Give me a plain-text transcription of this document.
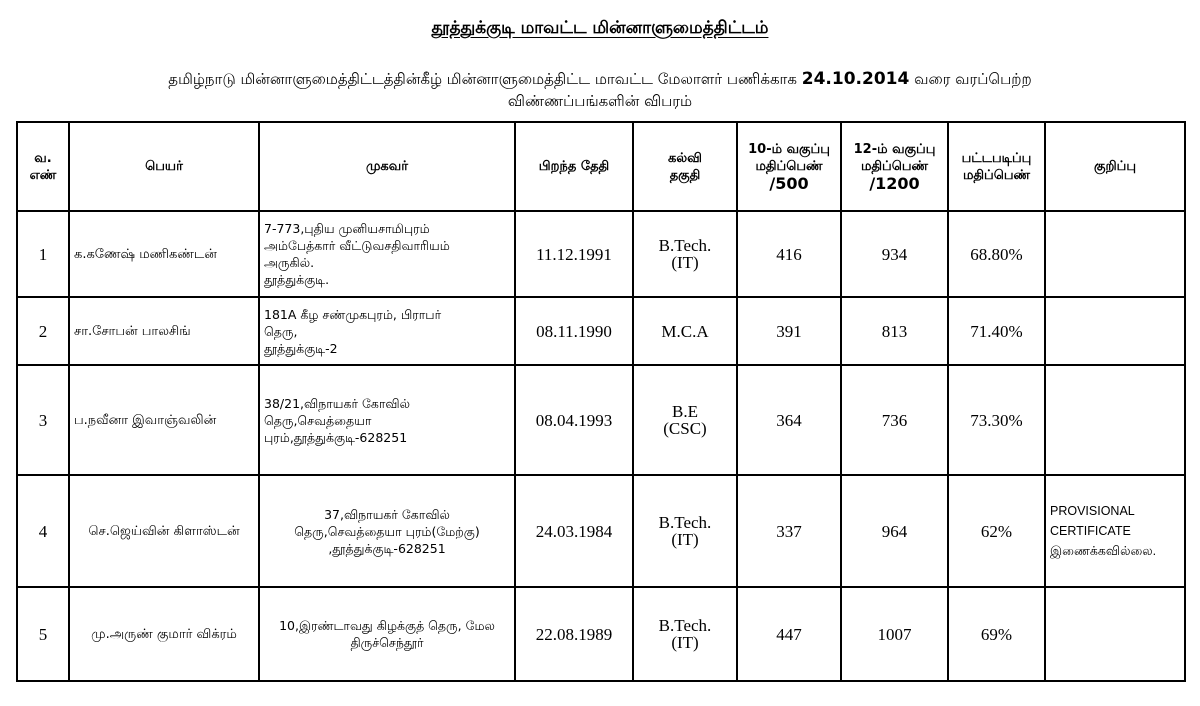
தூத்துக்குடி மாவட்ட மின்னாளுமைத்திட்டம்
தமிழ்நாடு மின்னாளுமைத்திட்டத்தின்கீழ் மின்னாளுமைத்திட்ட மாவட்ட மேலாளர் பணிக்காக 24.10.2014 வரை வரப்பெற்ற
விண்ணப்பங்களின் விபரம்
வ.
எண்	பெயர்	முகவர்	பிறந்த தேதி	கல்வி
தகுதி	10-ம் வகுப்பு
மதிப்பெண்
/500	12-ம் வகுப்பு
மதிப்பெண்
/1200	பட்டபடிப்பு
மதிப்பெண்	குறிப்பு
1	க.கணேஷ் மணிகண்டன்	7-773,புதிய முனியசாமிபுரம்
அம்பேத்கார் வீட்டுவசதிவாரியம்
அருகில்.
தூத்துக்குடி.	11.12.1991	B.Tech.
(IT)	416	934	68.80%	
2	சா.சோபன் பாலசிங்	181A கீழ சண்முகபுரம், பிராபர்
தெரு,
தூத்துக்குடி-2	08.11.1990	M.C.A	391	813	71.40%	
3	ப.நவீனா இவாஞ்வலின்	38/21,விநாயகர் கோவில்
தெரு,செவத்தையா
புரம்,தூத்துக்குடி-628251	08.04.1993	B.E
(CSC)	364	736	73.30%	
4	செ.ஜெய்வின் கிளாஸ்டன்	37,விநாயகர் கோவில்
தெரு,செவத்தையா புரம்(மேற்கு)
,தூத்துக்குடி-628251	24.03.1984	B.Tech.
(IT)	337	964	62%	PROVISIONAL
CERTIFICATE
இணைக்கவில்லை.

5	மு.அருண் குமார் விக்ரம்	10,இரண்டாவது கிழக்குத் தெரு, மேல
திருச்செந்தூர்	22.08.1989	B.Tech.
(IT)	447	1007	69%	
